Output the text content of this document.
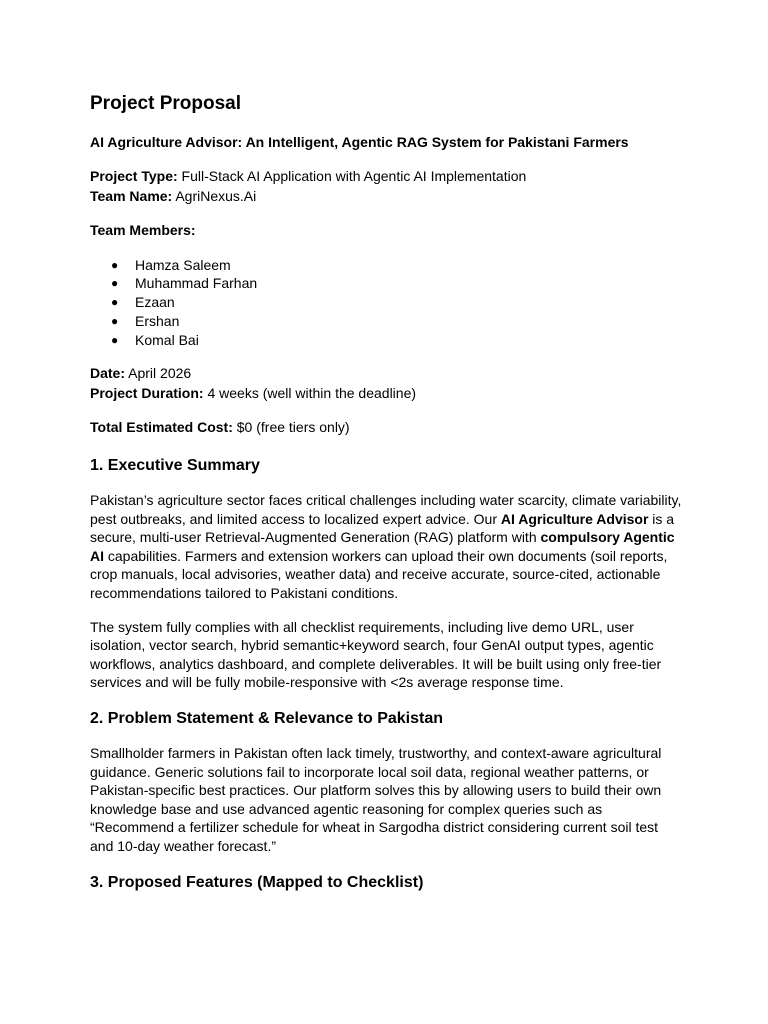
Project Proposal

AI Agriculture Advisor: An Intelligent, Agentic RAG System for Pakistani Farmers

Project Type: Full-Stack AI Application with Agentic AI Implementation

Team Name: AgriNexus.Ai

Team Members:

● Hamza Saleem
● Muhammad Farhan
● Ezaan
● Ershan
● Komal Bai

Date: April 2026

Project Duration: 4 weeks (well within the deadline)

Total Estimated Cost: $0 (free tiers only)

1. Executive Summary

Pakistan’s agriculture sector faces critical challenges including water scarcity, climate variability, pest outbreaks, and limited access to localized expert advice. Our AI Agriculture Advisor is a secure, multi-user Retrieval-Augmented Generation (RAG) platform with compulsory Agentic AI capabilities. Farmers and extension workers can upload their own documents (soil reports, crop manuals, local advisories, weather data) and receive accurate, source-cited, actionable recommendations tailored to Pakistani conditions.

The system fully complies with all checklist requirements, including live demo URL, user isolation, vector search, hybrid semantic+keyword search, four GenAI output types, agentic workflows, analytics dashboard, and complete deliverables. It will be built using only free-tier services and will be fully mobile-responsive with <2s average response time.

2. Problem Statement & Relevance to Pakistan

Smallholder farmers in Pakistan often lack timely, trustworthy, and context-aware agricultural guidance. Generic solutions fail to incorporate local soil data, regional weather patterns, or Pakistan-specific best practices. Our platform solves this by allowing users to build their own knowledge base and use advanced agentic reasoning for complex queries such as “Recommend a fertilizer schedule for wheat in Sargodha district considering current soil test and 10-day weather forecast.”

3. Proposed Features (Mapped to Checklist)
